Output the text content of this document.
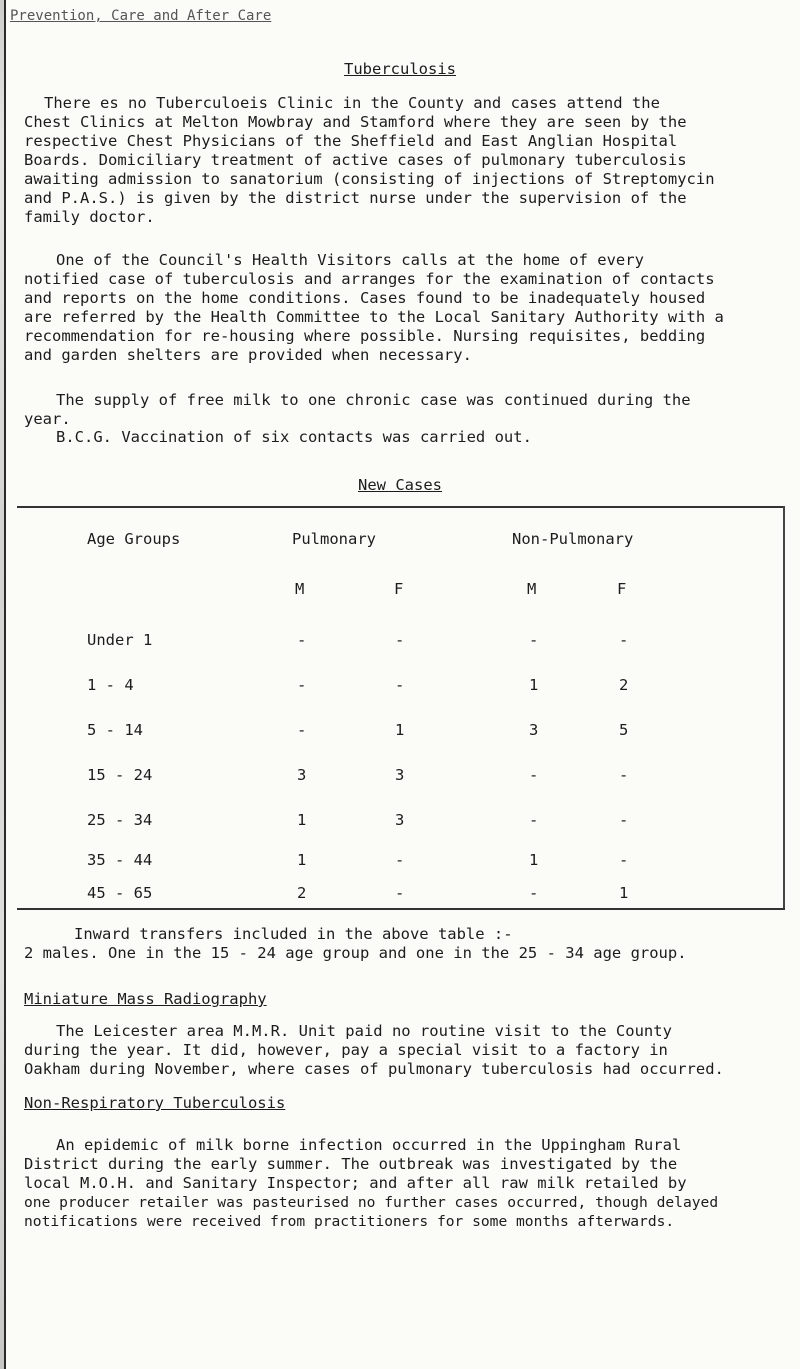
Prevention, Care and After Care
Tuberculosis

There es no Tuberculoeis Clinic in the County and cases attend the

Chest Clinics at Melton Mowbray and Stamford where they are seen by the

respective Chest Physicians of the Sheffield and East Anglian Hospital

Boards. Domiciliary treatment of active cases of pulmonary tuberculosis

awaiting admission to sanatorium (consisting of injections of Streptomycin

and P.A.S.) is given by the district nurse under the supervision of the

family doctor.

One of the Council's Health Visitors calls at the home of every

notified case of tuberculosis and arranges for the examination of contacts

and reports on the home conditions. Cases found to be inadequately housed

are referred by the Health Committee to the Local Sanitary Authority with a

recommendation for re-housing where possible. Nursing requisites, bedding

and garden shelters are provided when necessary.

The supply of free milk to one chronic case was continued during the

year.

B.C.G. Vaccination of six contacts was carried out.

New Cases
Age Groups	Pulmonary	Non-Pulmonary
M	F	M	F
Under 1	-	-	-	-
1 - 4	-	-	1	2
5 - 14	-	1	3	5
15 - 24	3	3	-	-
25 - 34	1	3	-	-
35 - 44	1	-	1	-
45 - 65	2	-	-	1

Inward transfers included in the above table :-

2 males. One in the 15 - 24 age group and one in the 25 - 34 age group.

Miniature Mass Radiography

The Leicester area M.M.R. Unit paid no routine visit to the County

during the year. It did, however, pay a special visit to a factory in

Oakham during November, where cases of pulmonary tuberculosis had occurred.

Non-Respiratory Tuberculosis

An epidemic of milk borne infection occurred in the Uppingham Rural

District during the early summer. The outbreak was investigated by the

local M.O.H. and Sanitary Inspector; and after all raw milk retailed by

one producer retailer was pasteurised no further cases occurred, though delayed

notifications were received from practitioners for some months afterwards.
